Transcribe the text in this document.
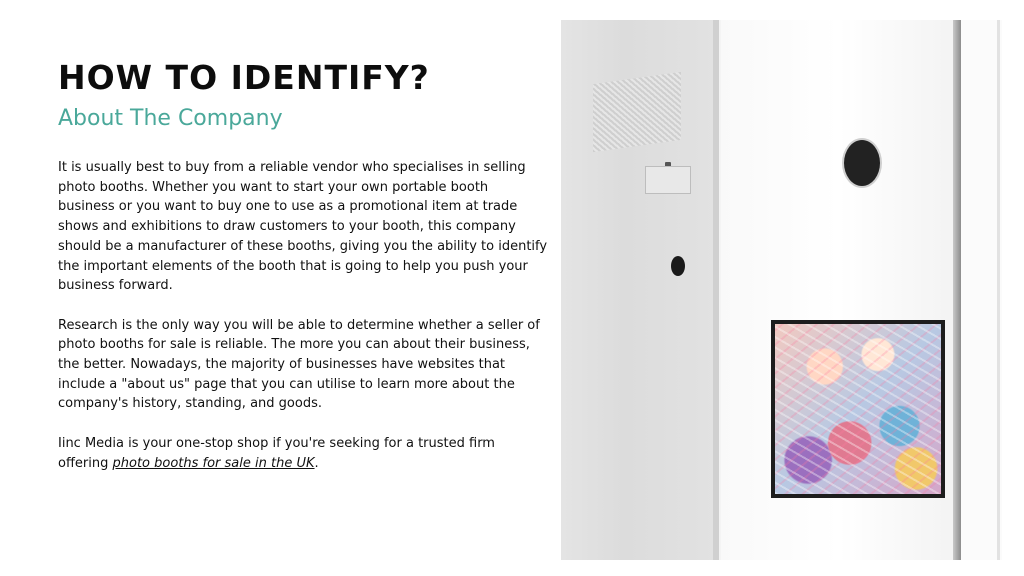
HOW TO IDENTIFY?
About The Company

It is usually best to buy from a reliable vendor who specialises in selling photo booths. Whether you want to start your own portable booth business or you want to buy one to use as a promotional item at trade shows and exhibitions to draw customers to your booth, this company should be a manufacturer of these booths, giving you the ability to identify the important elements of the booth that is going to help you push your business forward.

Research is the only way you will be able to determine whether a seller of photo booths for sale is reliable. The more you can about their business, the better. Nowadays, the majority of businesses have websites that include a "about us" page that you can utilise to learn more about the company's history, standing, and goods.

Iinc Media is your one-stop shop if you're seeking for a trusted firm offering photo booths for sale in the UK.
